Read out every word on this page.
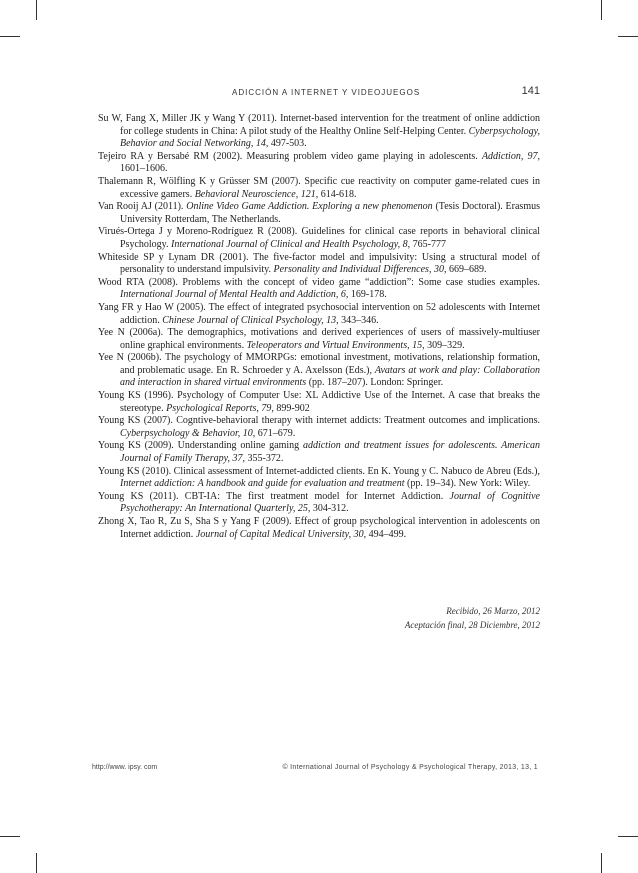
ADICCIÓN A INTERNET Y VIDEOJUEGOS	141
Su W, Fang X, Miller JK y Wang Y (2011). Internet-based intervention for the treatment of online addiction for college students in China: A pilot study of the Healthy Online Self-Helping Center. Cyberpsychology, Behavior and Social Networking, 14, 497-503.
Tejeiro RA y Bersabé RM (2002). Measuring problem video game playing in adolescents. Addiction, 97, 1601–1606.
Thalemann R, Wölfling K y Grüsser SM (2007). Specific cue reactivity on computer game-related cues in excessive gamers. Behavioral Neuroscience, 121, 614-618.
Van Rooij AJ (2011). Online Video Game Addiction. Exploring a new phenomenon (Tesis Doctoral). Erasmus University Rotterdam, The Netherlands.
Virués-Ortega J y Moreno-Rodríguez R (2008). Guidelines for clinical case reports in behavioral clinical Psychology. International Journal of Clinical and Health Psychology, 8, 765-777
Whiteside SP y Lynam DR (2001). The five-factor model and impulsivity: Using a structural model of personality to understand impulsivity. Personality and Individual Differences, 30, 669–689.
Wood RTA (2008). Problems with the concept of video game “addiction”: Some case studies examples. International Journal of Mental Health and Addiction, 6, 169-178.
Yang FR y Hao W (2005). The effect of integrated psychosocial intervention on 52 adolescents with Internet addiction. Chinese Journal of Clinical Psychology, 13, 343–346.
Yee N (2006a). The demographics, motivations and derived experiences of users of massively-multiuser online graphical environments. Teleoperators and Virtual Environments, 15, 309–329.
Yee N (2006b). The psychology of MMORPGs: emotional investment, motivations, relationship formation, and problematic usage. En R. Schroeder y A. Axelsson (Eds.), Avatars at work and play: Collaboration and interaction in shared virtual environments (pp. 187–207). London: Springer.
Young KS (1996). Psychology of Computer Use: XL Addictive Use of the Internet. A case that breaks the stereotype. Psychological Reports, 79, 899-902
Young KS (2007). Cogntive-behavioral therapy with internet addicts: Treatment outcomes and implications. Cyberpsychology & Behavior, 10, 671–679.
Young KS (2009). Understanding online gaming addiction and treatment issues for adolescents. American Journal of Family Therapy, 37, 355-372.
Young KS (2010). Clinical assessment of Internet-addicted clients. En K. Young y C. Nabuco de Abreu (Eds.), Internet addiction: A handbook and guide for evaluation and treatment (pp. 19–34). New York: Wiley.
Young KS (2011). CBT-IA: The first treatment model for Internet Addiction. Journal of Cognitive Psychotherapy: An International Quarterly, 25, 304-312.
Zhong X, Tao R, Zu S, Sha S y Yang F (2009). Effect of group psychological intervention in adolescents on Internet addiction. Journal of Capital Medical University, 30, 494–499.
Recibido, 26 Marzo, 2012
Aceptación final, 28 Diciembre, 2012
http://www. ipsy. com	© International Journal of Psychology & Psychological Therapy, 2013, 13, 1
